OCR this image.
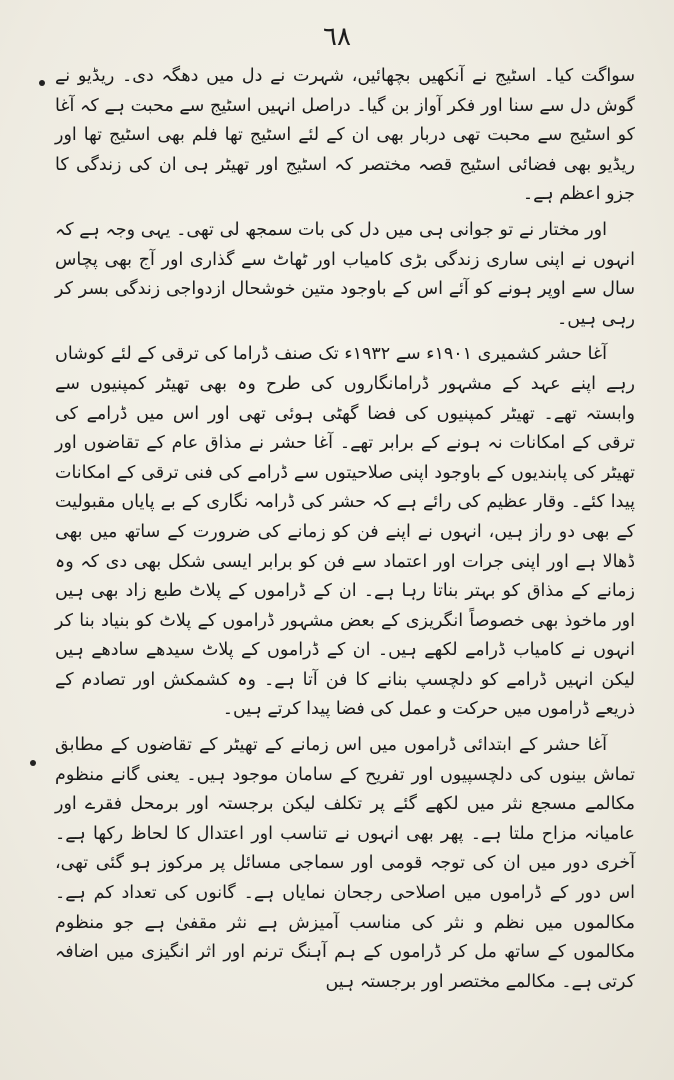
٦٨

سواگت کیا۔ اسٹیج نے آنکھیں بچھائیں، شہرت نے دل میں دھگہ دی۔ ریڈیو نے گوش دل سے سنا اور فکر آواز بن گیا۔ دراصل انہیں اسٹیج سے محبت ہے کہ آغا کو اسٹیج سے محبت تھی دربار بھی ان کے لئے اسٹیج تھا فلم بھی اسٹیج تھا اور ریڈیو بھی فضائی اسٹیج قصہ مختصر کہ اسٹیج اور تھیٹر ہی ان کی زندگی کا جزو اعظم ہے۔

اور مختار نے تو جوانی ہی میں دل کی بات سمجھ لی تھی۔ یہی وجہ ہے کہ انہوں نے اپنی ساری زندگی بڑی کامیاب اور ٹھاٹ سے گذاری اور آج بھی پچاس سال سے اوپر ہونے کو آئے اس کے باوجود متین خوشحال ازدواجی زندگی بسر کر رہی ہیں۔

آغا حشر کشمیری ۱۹۰۱ء سے ۱۹۳۲ء تک صنف ڈراما کی ترقی کے لئے کوشاں رہے اپنے عہد کے مشہور ڈرامانگاروں کی طرح وہ بھی تھیٹر کمپنیوں سے وابستہ تھے۔ تھیٹر کمپنیوں کی فضا گھٹی ہوئی تھی اور اس میں ڈرامے کی ترقی کے امکانات نہ ہونے کے برابر تھے۔ آغا حشر نے مذاق عام کے تقاضوں اور تھیٹر کی پابندیوں کے باوجود اپنی صلاحیتوں سے ڈرامے کی فنی ترقی کے امکانات پیدا کئے۔ وقار عظیم کی رائے ہے کہ حشر کی ڈرامہ نگاری کے بے پایاں مقبولیت کے بھی دو راز ہیں، انہوں نے اپنے فن کو زمانے کی ضرورت کے ساتھ میں بھی ڈھالا ہے اور اپنی جرات اور اعتماد سے فن کو برابر ایسی شکل بھی دی کہ وہ زمانے کے مذاق کو بہتر بناتا رہا ہے۔ ان کے ڈراموں کے پلاٹ طبع زاد بھی ہیں اور ماخوذ بھی خصوصاً انگریزی کے بعض مشہور ڈراموں کے پلاٹ کو بنیاد بنا کر انہوں نے کامیاب ڈرامے لکھے ہیں۔ ان کے ڈراموں کے پلاٹ سیدھے سادھے ہیں لیکن انہیں ڈرامے کو دلچسپ بنانے کا فن آتا ہے۔ وہ کشمکش اور تصادم کے ذریعے ڈراموں میں حرکت و عمل کی فضا پیدا کرتے ہیں۔

آغا حشر کے ابتدائی ڈراموں میں اس زمانے کے تھیٹر کے تقاضوں کے مطابق تماش بینوں کی دلچسپیوں اور تفریح کے سامان موجود ہیں۔ یعنی گانے منظوم مکالمے مسجع نثر میں لکھے گئے پر تکلف لیکن برجستہ اور برمحل فقرے اور عامیانہ مزاح ملتا ہے۔ پھر بھی انہوں نے تناسب اور اعتدال کا لحاظ رکھا ہے۔ آخری دور میں ان کی توجہ قومی اور سماجی مسائل پر مرکوز ہو گئی تھی، اس دور کے ڈراموں میں اصلاحی رجحان نمایاں ہے۔ گانوں کی تعداد کم ہے۔ مکالموں میں نظم و نثر کی مناسب آمیزش ہے نثر مقفیٰ ہے جو منظوم مکالموں کے ساتھ مل کر ڈراموں کے ہم آہنگ ترنم اور اثر انگیزی میں اضافہ کرتی ہے۔ مکالمے مختصر اور برجستہ ہیں
